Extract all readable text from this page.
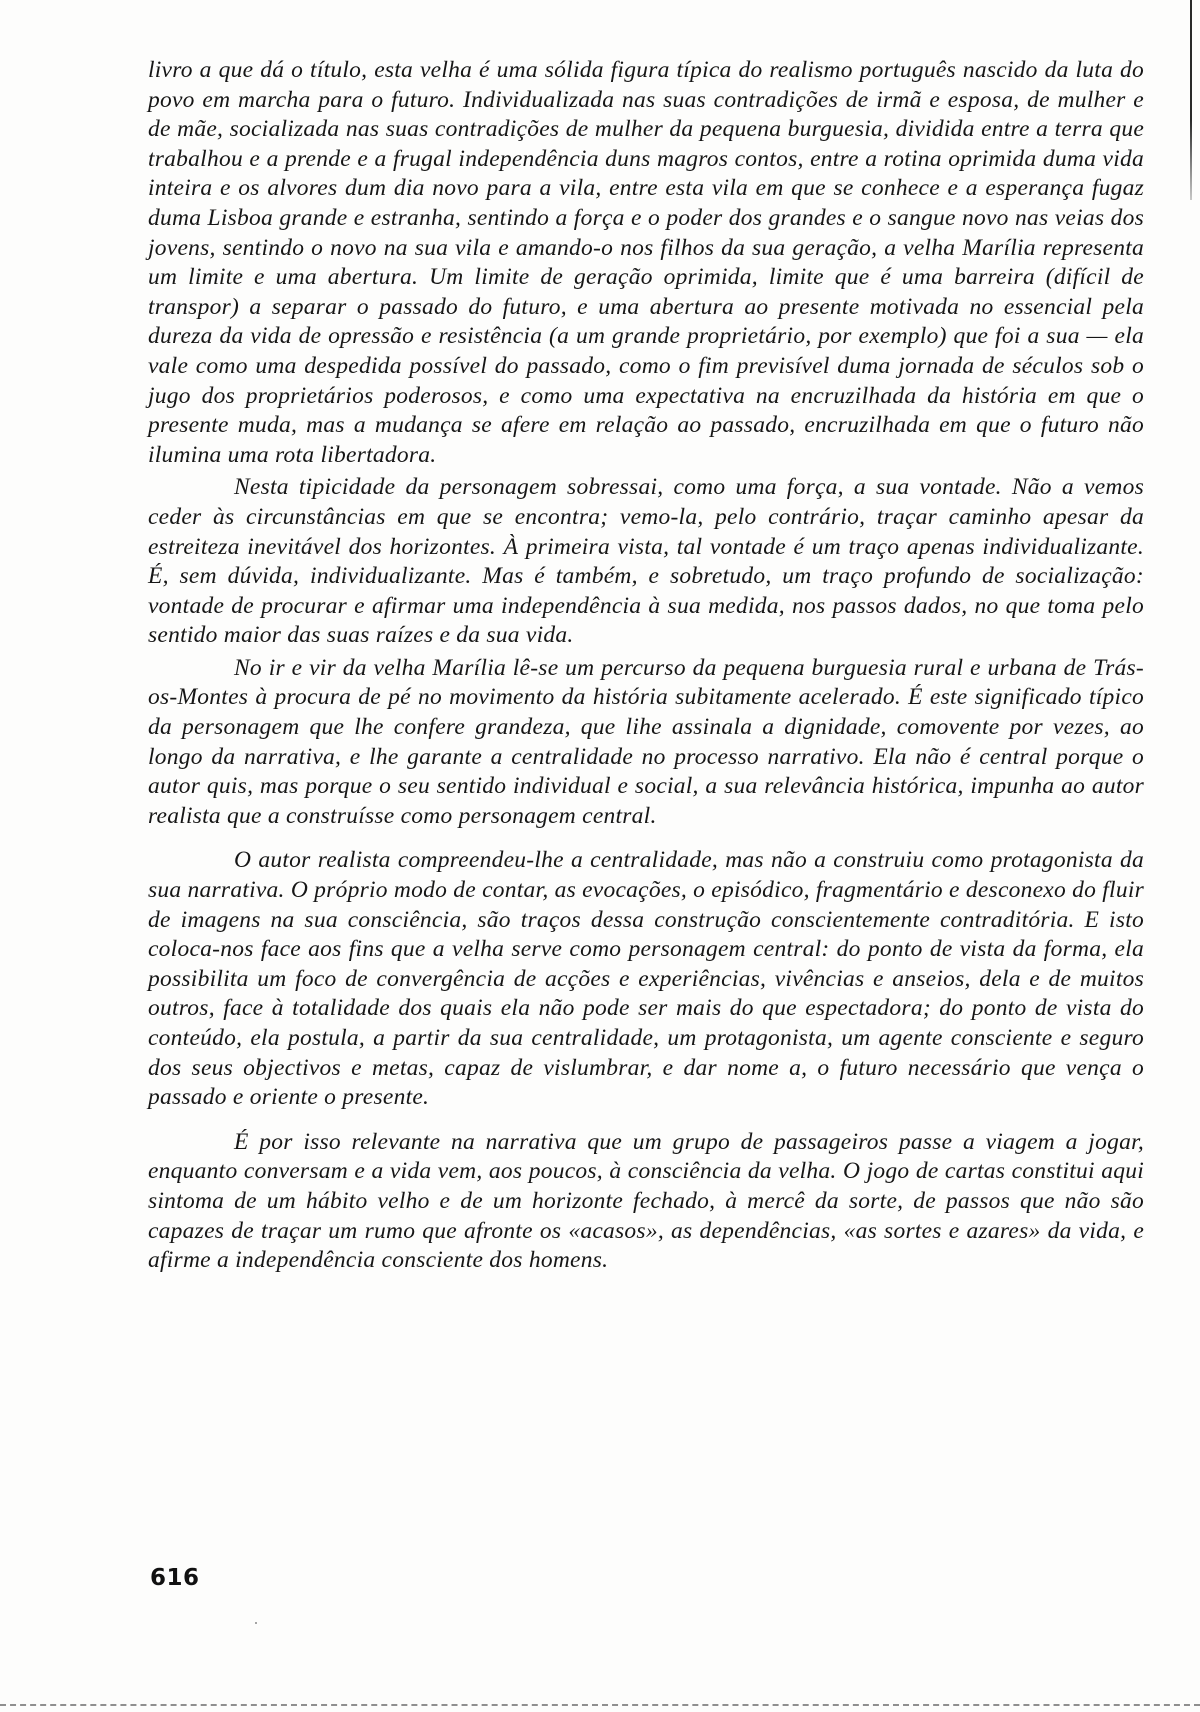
livro a que dá o título, esta velha é uma sólida figura típica do realismo português nascido da luta do povo em marcha para o futuro. Individualizada nas suas contradições de irmã e esposa, de mulher e de mãe, socializada nas suas contradições de mulher da pequena burguesia, dividida entre a terra que trabalhou e a prende e a frugal independência duns magros contos, entre a rotina oprimida duma vida inteira e os alvores dum dia novo para a vila, entre esta vila em que se conhece e a esperança fugaz duma Lisboa grande e estranha, sentindo a força e o poder dos grandes e o sangue novo nas veias dos jovens, sentindo o novo na sua vila e amando-o nos filhos da sua geração, a velha Marília representa um limite e uma abertura. Um limite de geração oprimida, limite que é uma barreira (difícil de transpor) a separar o passado do futuro, e uma abertura ao presente motivada no essencial pela dureza da vida de opressão e resistência (a um grande proprietário, por exemplo) que foi a sua — ela vale como uma despedida possível do passado, como o fim previsível duma jornada de séculos sob o jugo dos proprietários poderosos, e como uma expectativa na encruzilhada da história em que o presente muda, mas a mudança se afere em relação ao passado, encruzilhada em que o futuro não ilumina uma rota libertadora.

Nesta tipicidade da personagem sobressai, como uma força, a sua vontade. Não a vemos ceder às circunstâncias em que se encontra; vemo-la, pelo contrário, traçar caminho apesar da estreiteza inevitável dos horizontes. À primeira vista, tal vontade é um traço apenas individualizante. É, sem dúvida, individualizante. Mas é também, e sobretudo, um traço profundo de socialização: vontade de procurar e afirmar uma independência à sua medida, nos passos dados, no que toma pelo sentido maior das suas raízes e da sua vida.

No ir e vir da velha Marília lê-se um percurso da pequena burguesia rural e urbana de Trás-os-Montes à procura de pé no movimento da história subitamente acelerado. É este significado típico da personagem que lhe confere grandeza, que lihe assinala a dignidade, comovente por vezes, ao longo da narrativa, e lhe garante a centralidade no processo narrativo. Ela não é central porque o autor quis, mas porque o seu sentido individual e social, a sua relevância histórica, impunha ao autor realista que a construísse como personagem central.

O autor realista compreendeu-lhe a centralidade, mas não a construiu como protagonista da sua narrativa. O próprio modo de contar, as evocações, o episódico, fragmentário e desconexo do fluir de imagens na sua consciência, são traços dessa construção conscientemente contraditória. E isto coloca-nos face aos fins que a velha serve como personagem central: do ponto de vista da forma, ela possibilita um foco de convergência de acções e experiências, vivências e anseios, dela e de muitos outros, face à totalidade dos quais ela não pode ser mais do que espectadora; do ponto de vista do conteúdo, ela postula, a partir da sua centralidade, um protagonista, um agente consciente e seguro dos seus objectivos e metas, capaz de vislumbrar, e dar nome a, o futuro necessário que vença o passado e oriente o presente.

É por isso relevante na narrativa que um grupo de passageiros passe a viagem a jogar, enquanto conversam e a vida vem, aos poucos, à consciência da velha. O jogo de cartas constitui aqui sintoma de um hábito velho e de um horizonte fechado, à mercê da sorte, de passos que não são capazes de traçar um rumo que afronte os «acasos», as dependências, «as sortes e azares» da vida, e afirme a independência consciente dos homens.

616
